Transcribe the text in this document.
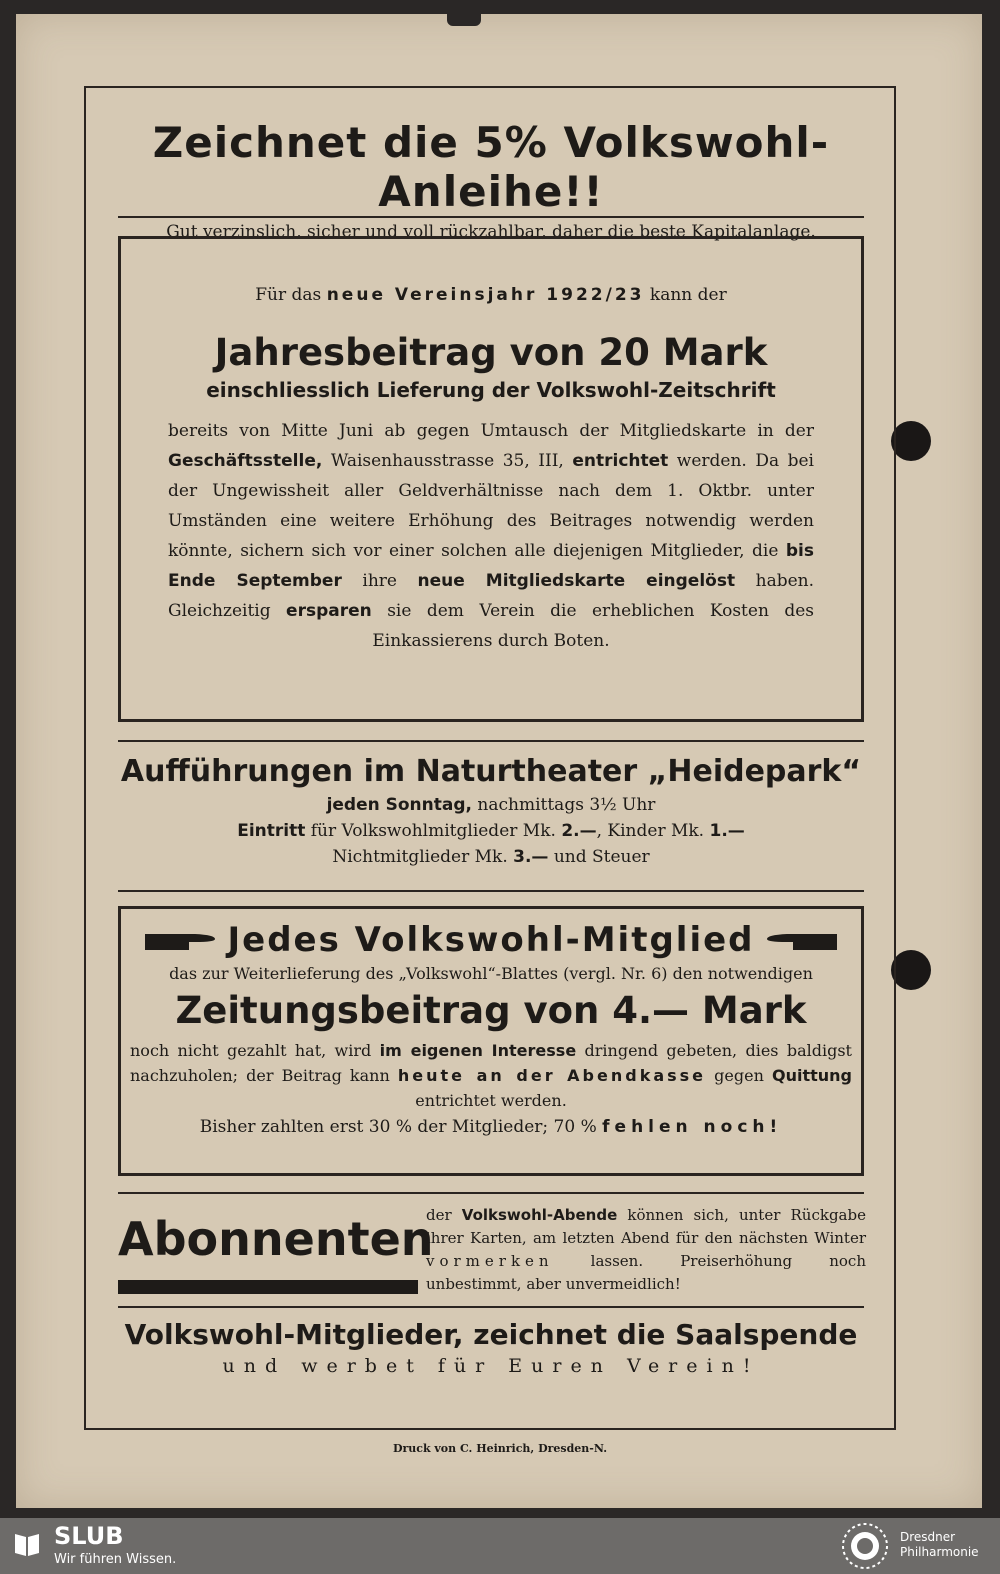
Zeichnet die 5% Volkswohl-Anleihe!!
Gut verzinslich, sicher und voll rückzahlbar, daher die beste Kapitalanlage.
Für das neue Vereinsjahr 1922/23 kann der
Jahresbeitrag von 20 Mark
einschliesslich Lieferung der Volkswohl-Zeitschrift
bereits von Mitte Juni ab gegen Umtausch der Mitgliedskarte in der Geschäftsstelle, Waisenhausstrasse 35, III, entrichtet werden. Da bei der Ungewissheit aller Geldverhältnisse nach dem 1. Oktbr. unter Umständen eine weitere Erhöhung des Beitrages notwendig werden könnte, sichern sich vor einer solchen alle diejenigen Mitglieder, die bis Ende September ihre neue Mitgliedskarte eingelöst haben. Gleichzeitig ersparen sie dem Verein die erheblichen Kosten des Einkassierens durch Boten.
Aufführungen im Naturtheater „Heidepark“
jeden Sonntag, nachmittags 3½ Uhr
Eintritt für Volkswohlmitglieder Mk. 2.—, Kinder Mk. 1.—
Nichtmitglieder Mk. 3.— und Steuer
Jedes Volkswohl-Mitglied
das zur Weiterlieferung des „Volkswohl“-Blattes (vergl. Nr. 6) den notwendigen
Zeitungsbeitrag von 4.— Mark
noch nicht gezahlt hat, wird im eigenen Interesse dringend gebeten, dies baldigst nachzuholen; der Beitrag kann heute an der Abendkasse gegen Quittung entrichtet werden.
Bisher zahlten erst 30 % der Mitglieder; 70 % fehlen noch!
Abonnenten
der Volkswohl-Abende können sich, unter Rückgabe ihrer Karten, am letzten Abend für den nächsten Winter vormerken lassen. Preiserhöhung noch unbestimmt, aber unvermeidlich!
Volkswohl-Mitglieder, zeichnet die Saalspende
und werbet für Euren Verein!
Druck von C. Heinrich, Dresden-N.
SLUB
Wir führen Wissen.
Dresdner
Philharmonie
